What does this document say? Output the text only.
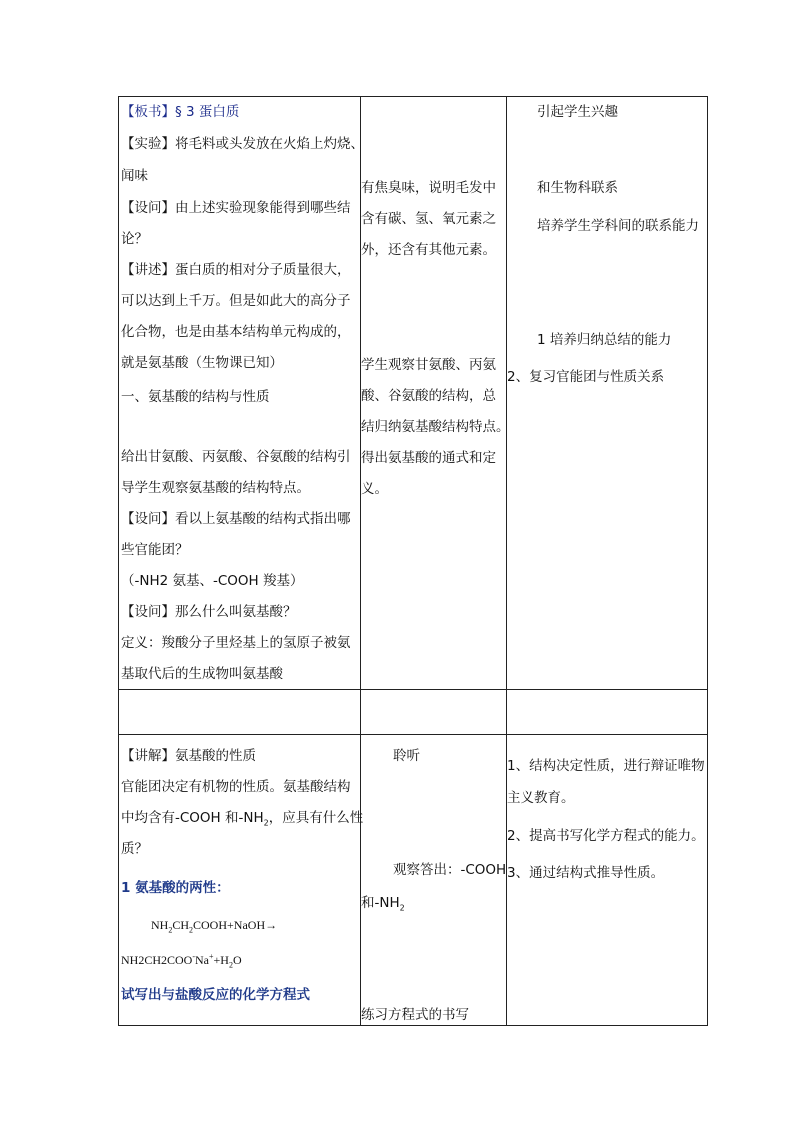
【板书】§ 3 蛋白质
【实验】将毛料或头发放在火焰上灼烧、
闻味
【设问】由上述实验现象能得到哪些结
论？
【讲述】蛋白质的相对分子质量很大，
可以达到上千万。但是如此大的高分子
化合物，也是由基本结构单元构成的，
就是氨基酸（生物课已知）
一、氨基酸的结构与性质
给出甘氨酸、丙氨酸、谷氨酸的结构引
导学生观察氨基酸的结构特点。
【设问】看以上氨基酸的结构式指出哪
些官能团？
（-NH2 氨基、-COOH 羧基）
【设问】那么什么叫氨基酸？
定义：羧酸分子里烃基上的氢原子被氨
基取代后的生成物叫氨基酸
有焦臭味，说明毛发中
含有碳、氢、氧元素之
外，还含有其他元素。
学生观察甘氨酸、丙氨
酸、谷氨酸的结构，总
结归纳氨基酸结构特点。
得出氨基酸的通式和定
义。
引起学生兴趣
和生物科联系
培养学生学科间的联系能力
1 培养归纳总结的能力
2、复习官能团与性质关系
【讲解】氨基酸的性质
官能团决定有机物的性质。氨基酸结构
中均含有-COOH 和$-NH_2$，应具有什么性
质？
1 氨基酸的两性：
$NH_2CH_2COOH+NaOH\to$
$NH2CH2COO^-Na^++H_2O$
试写出与盐酸反应的化学方程式
聆听
观察答出：-COOH
和$-NH_2$
练习方程式的书写
1、结构决定性质，进行辩证唯物
主义教育。
2、提高书写化学方程式的能力。
3、通过结构式推导性质。
